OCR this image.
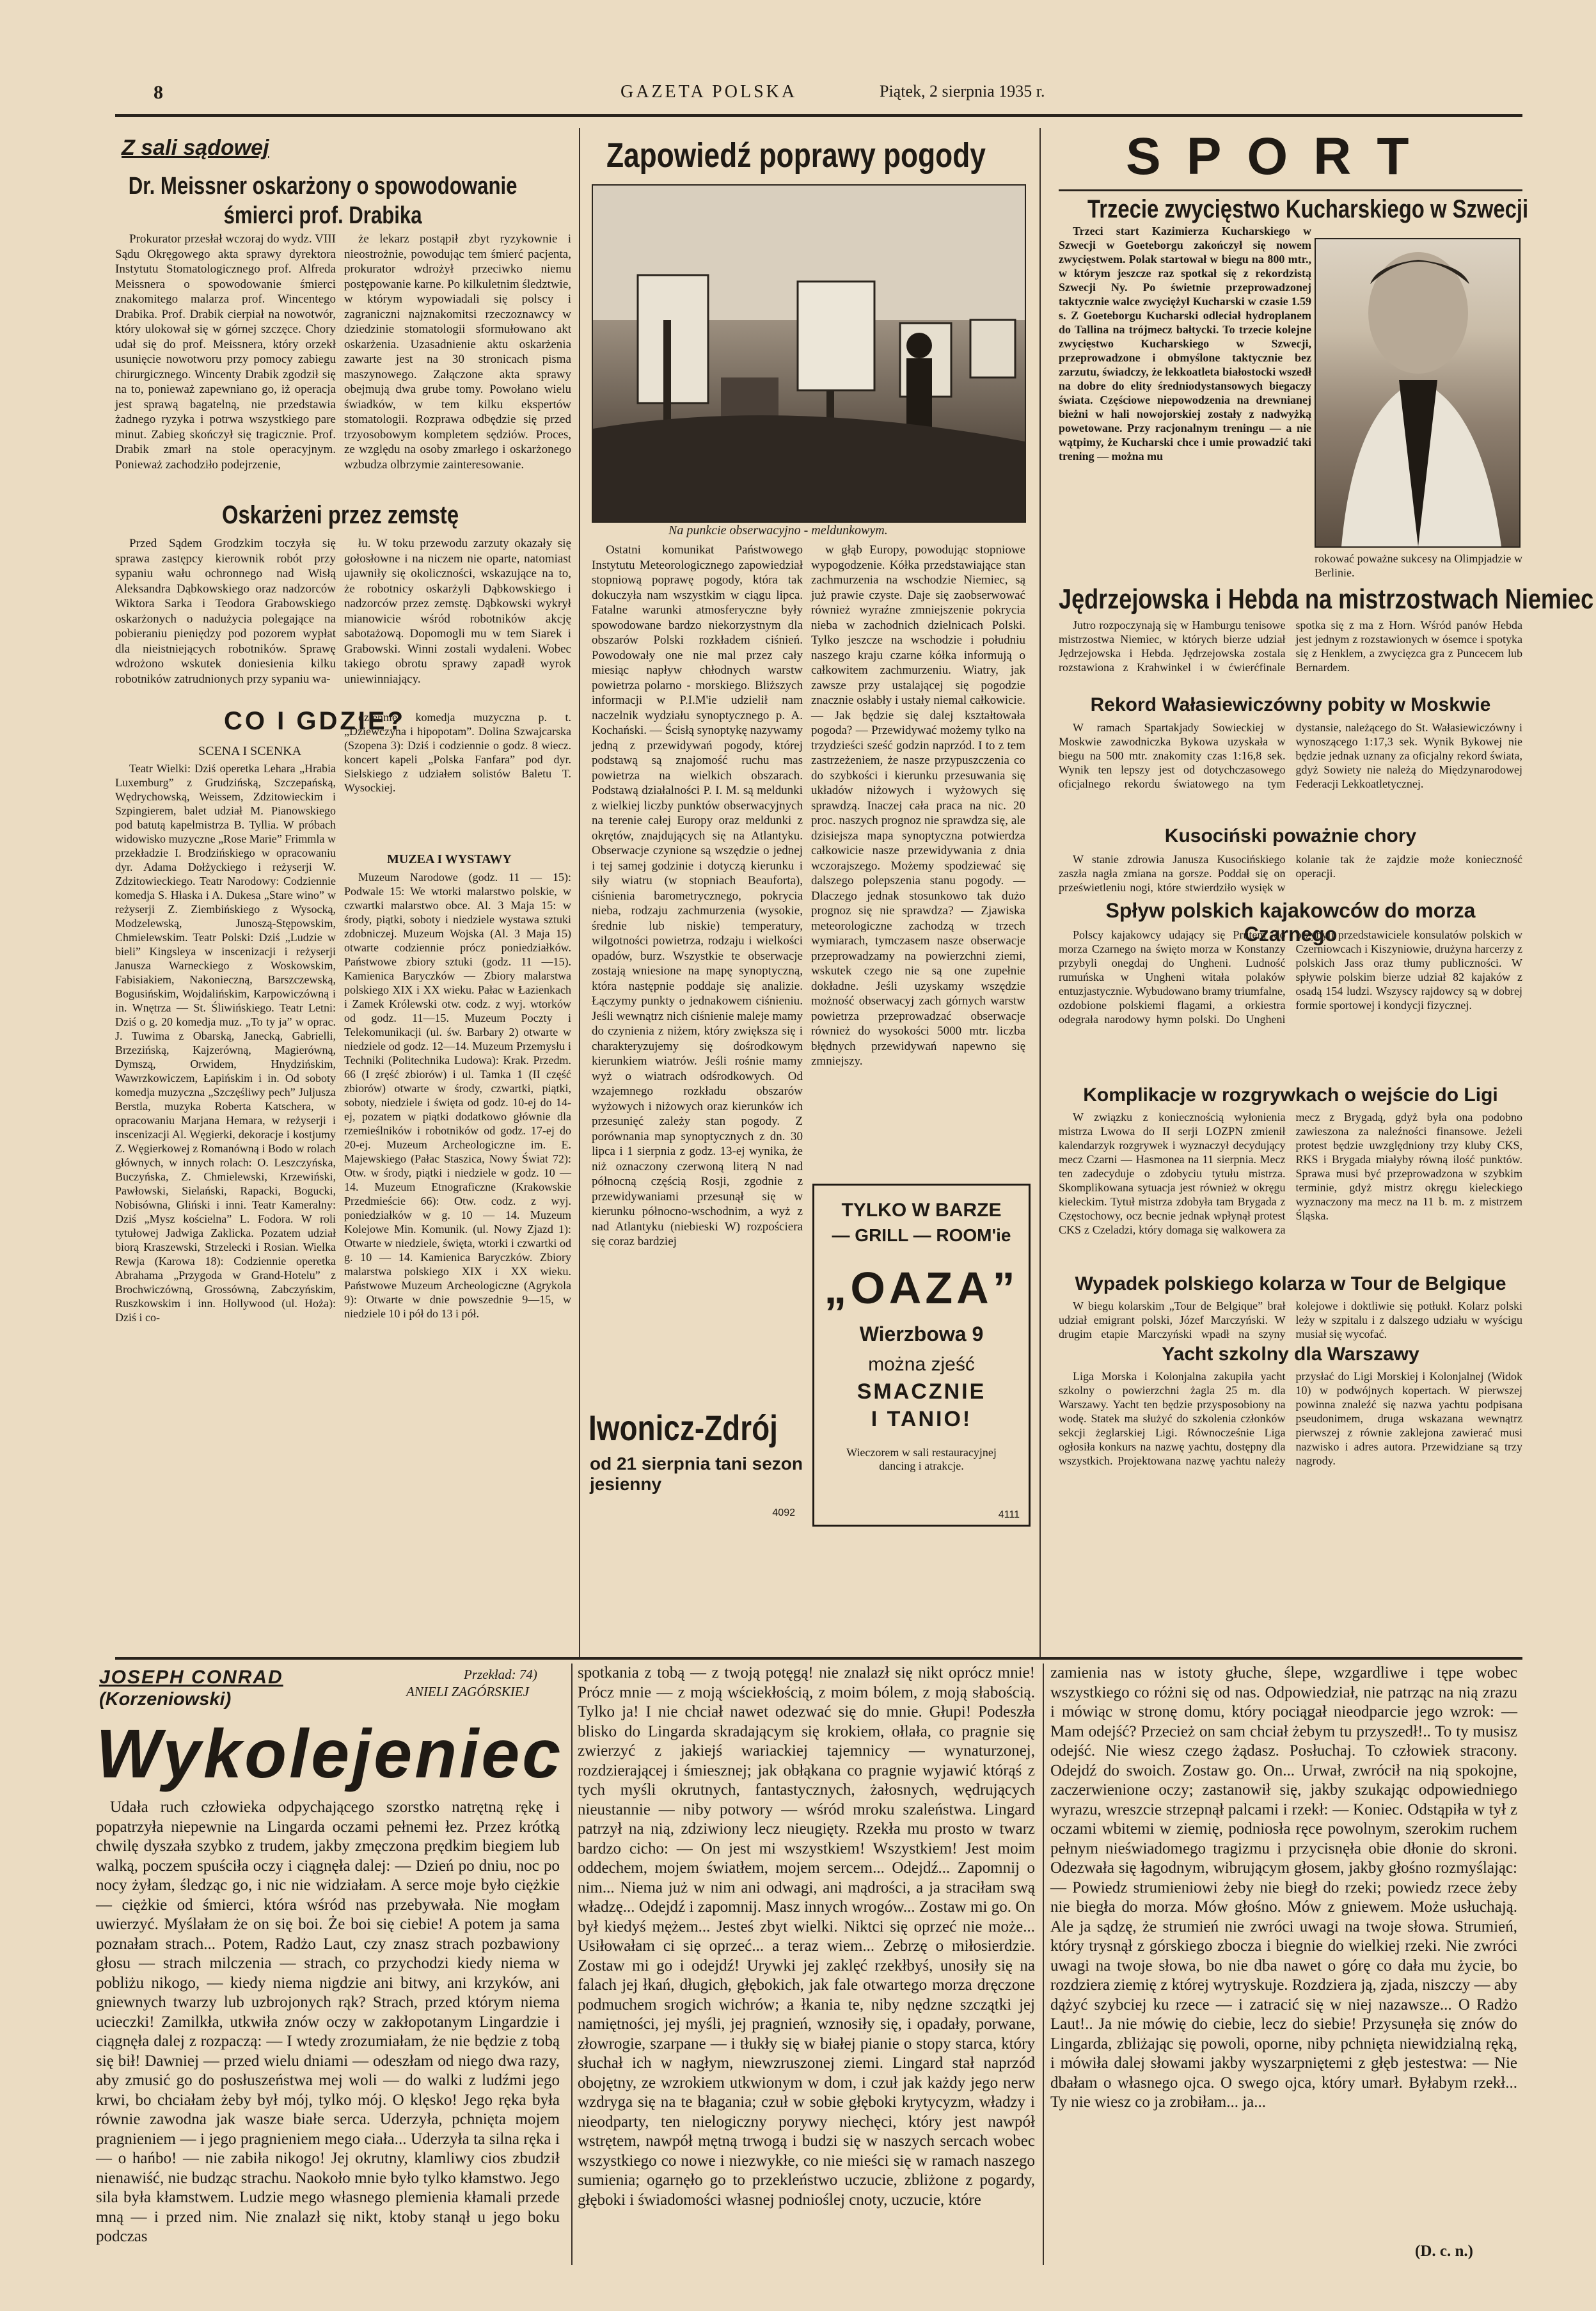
8	GAZETA POLSKA	Piątek, 2 sierpnia 1935 r.
Z sali sądowej
Dr. Meissner oskarżony o spowodowanie śmierci prof. Drabika

Prokurator przesłał wczoraj do wydz. VIII Sądu Okręgowego akta sprawy dyrektora Instytutu Stomatologicznego prof. Alfreda Meissnera o spowodowanie śmierci znakomitego malarza prof. Wincentego Drabika. Prof. Drabik cierpiał na nowotwór, który ulokował się w górnej szczęce. Chory udał się do prof. Meissnera, który orzekł usunięcie nowotworu przy pomocy zabiegu chirurgicznego. Wincenty Drabik zgodził się na to, ponieważ zapewniano go, iż operacja jest sprawą bagatelną, nie przedstawia żadnego ryzyka i potrwa wszystkiego pare minut. Zabieg skończył się tragicznie. Prof. Drabik zmarł na stole operacyjnym. Ponieważ zachodziło podejrzenie,

że lekarz postąpił zbyt ryzykownie i nieostrożnie, powodując tem śmierć pacjenta, prokurator wdrożył przeciwko niemu postępowanie karne. Po kilkuletnim śledztwie, w którym wypowiadali się polscy i zagraniczni najznakomitsi rzeczoznawcy w dziedzinie stomatologii sformułowano akt oskarżenia. Uzasadnienie aktu oskarżenia zawarte jest na 30 stronicach pisma maszynowego. Załączone akta sprawy obejmują dwa grube tomy. Powołano wielu świadków, w tem kilku ekspertów stomatologii. Rozprawa odbędzie się przed trzyosobowym kompletem sędziów. Proces, ze względu na osoby zmarłego i oskarżonego wzbudza olbrzymie zainteresowanie.

Oskarżeni przez zemstę

Przed Sądem Grodzkim toczyła się sprawa zastępcy kierownik robót przy sypaniu wału ochronnego nad Wisłą Aleksandra Dąbkowskiego oraz nadzorców Wiktora Sarka i Teodora Grabowskiego oskarżonych o nadużycia polegające na pobieraniu pieniędzy pod pozorem wypłat dla nieistniejących robotników. Sprawę wdrożono wskutek doniesienia kilku robotników zatrudnionych przy sypaniu wa-

łu. W toku przewodu zarzuty okazały się gołosłowne i na niczem nie oparte, natomiast ujawniły się okoliczności, wskazujące na to, że robotnicy oskarżyli Dąbkowskiego i nadzorców przez zemstę. Dąbkowski wykrył mianowicie wśród robotników akcję sabotażową. Dopomogli mu w tem Siarek i Grabowski. Winni zostali wydaleni. Wobec takiego obrotu sprawy zapadł wyrok uniewinniający.

CO I GDZIE?
SCENA I SCENKA

Teatr Wielki: Dziś operetka Lehara „Hrabia Luxemburg” z Grudzińską, Szczepańską, Wędrychowską, Weissem, Zdzitowieckim i Szpingierem, balet udział M. Pianowskiego pod batutą kapelmistrza B. Tyllia. W próbach widowisko muzyczne „Rose Marie” Frimmla w przekładzie I. Brodzińskiego w opracowaniu dyr. Adama Dołżyckiego i reżyserji W. Zdzitowieckiego. Teatr Narodowy: Codziennie komedja S. Hłaska i A. Dukesa „Stare wino” w reżyserji Z. Ziembińskiego z Wysocką, Modzelewską, Junoszą-Stępowskim, Chmielewskim. Teatr Polski: Dziś „Ludzie w bieli” Kingsleya w inscenizacji i reżyserji Janusza Warneckiego z Woskowskim, Fabisiakiem, Nakonieczną, Barszczewską, Bogusińskim, Wojdalińskim, Karpowiczówną i in. Wnętrza — St. Śliwińskiego. Teatr Letni: Dziś o g. 20 komedja muz. „To ty ja” w oprac. J. Tuwima z Obarską, Janecką, Gabrielli, Brzezińską, Kajzerówną, Magierówną, Dymszą, Orwidem, Hnydzińskim, Wawrzkowiczem, Łapińskim i in. Od soboty komedja muzyczna „Szczęśliwy pech” Juljusza Berstla, muzyka Roberta Katschera, w opracowaniu Marjana Hemara, w reżyserji i inscenizacji Al. Węgierki, dekoracje i kostjumy Z. Węgierkowej z Romanówną i Bodo w rolach głównych, w innych rolach: O. Leszczyńska, Buczyńska, Z. Chmielewski, Krzewiński, Pawłowski, Sielański, Rapacki, Bogucki, Nobisówna, Gliński i inni. Teatr Kameralny: Dziś „Mysz kościelna” L. Fodora. W roli tytułowej Jadwiga Zaklicka. Pozatem udział biorą Kraszewski, Strzelecki i Rosian. Wielka Rewja (Karowa 18): Codziennie operetka Abrahama „Przygoda w Grand-Hotelu” z Brochwiczówną, Grossówną, Zabczyńskim, Ruszkowskim i inn. Hollywood (ul. Hoża): Dziś i co-

dziennie komedja muzyczna p. t. „Dziewczyna i hipopotam”. Dolina Szwajcarska (Szopena 3): Dziś i codziennie o godz. 8 wiecz. koncert kapeli „Polska Fanfara” pod dyr. Sielskiego z udziałem solistów Baletu T. Wysockiej.

MUZEA I WYSTAWY

Muzeum Narodowe (godz. 11 — 15): Podwale 15: We wtorki malarstwo polskie, w czwartki malarstwo obce. Al. 3 Maja 15: w środy, piątki, soboty i niedziele wystawa sztuki zdobniczej. Muzeum Wojska (Al. 3 Maja 15) otwarte codziennie prócz poniedziałków. Państwowe zbiory sztuki (godz. 11 —15). Kamienica Baryczków — Zbiory malarstwa polskiego XIX i XX wieku. Pałac w Łazienkach i Zamek Królewski otw. codz. z wyj. wtorków od godz. 11—15. Muzeum Poczty i Telekomunikacji (ul. św. Barbary 2) otwarte w niedziele od godz. 12—14. Muzeum Przemysłu i Techniki (Politechnika Ludowa): Krak. Przedm. 66 (I zręść zbiorów) i ul. Tamka 1 (II część zbiorów) otwarte w środy, czwartki, piątki, soboty, niedziele i święta od godz. 10-ej do 14-ej, pozatem w piątki dodatkowo głównie dla rzemieślników i robotników od godz. 17-ej do 20-ej. Muzeum Archeologiczne im. E. Majewskiego (Pałac Staszica, Nowy Świat 72): Otw. w środy, piątki i niedziele w godz. 10 — 14. Muzeum Etnograficzne (Krakowskie Przedmieście 66): Otw. codz. z wyj. poniedziałków w g. 10 — 14. Muzeum Kolejowe Min. Komunik. (ul. Nowy Zjazd 1): Otwarte w niedziele, święta, wtorki i czwartki od g. 10 — 14. Kamienica Baryczków. Zbiory malarstwa polskiego XIX i XX wieku. Państwowe Muzeum Archeologiczne (Agrykola 9): Otwarte w dnie powszednie 9—15, w niedziele 10 i pół do 13 i pół.

Zapowiedź poprawy pogody
Na punkcie obserwacyjno - meldunkowym.

Ostatni komunikat Państwowego Instytutu Meteorologicznego zapowiedział stopniową poprawę pogody, która tak dokuczyła nam wszystkim w ciągu lipca. Fatalne warunki atmosferyczne były spowodowane bardzo niekorzystnym dla obszarów Polski rozkładem ciśnień. Powodowały one nie mal przez cały miesiąc napływ chłodnych warstw powietrza polarno - morskiego. Bliższych informacji w P.I.M'ie udzielił nam naczelnik wydziału synoptycznego p. A. Kochański. — Ścisłą synoptykę nazywamy jedną z przewidywań pogody, której podstawą są znajomość ruchu mas powietrza na wielkich obszarach. Podstawą działalności P. I. M. są meldunki z wielkiej liczby punktów obserwacyjnych na terenie całej Europy oraz meldunki z okrętów, znajdujących się na Atlantyku. Obserwacje czynione są wszędzie o jednej i tej samej godzinie i dotyczą kierunku i siły wiatru (w stopniach Beauforta), ciśnienia barometrycznego, pokrycia nieba, rodzaju zachmurzenia (wysokie, średnie lub niskie) temperatury, wilgotności powietrza, rodzaju i wielkości opadów, burz. Wszystkie te obserwacje zostają wniesione na mapę synoptyczną, która następnie poddaje się analizie. Łączymy punkty o jednakowem ciśnieniu. Jeśli wewnątrz nich ciśnienie maleje mamy do czynienia z niżem, który zwiększa się i charakteryzujemy się dośrodkowym kierunkiem wiatrów. Jeśli rośnie mamy wyż o wiatrach odśrodkowych. Od wzajemnego rozkładu obszarów wyżowych i niżowych oraz kierunków ich przesunięć zależy stan pogody. Z porównania map synoptycznych z dn. 30 lipca i 1 sierpnia z godz. 13-ej wynika, że niż oznaczony czerwoną literą N nad północną częścią Rosji, zgodnie z przewidywaniami przesunął się w kierunku północno-wschodnim, a wyż z nad Atlantyku (niebieski W) rozpościera się coraz bardziej

w głąb Europy, powodując stopniowe wypogodzenie. Kółka przedstawiające stan zachmurzenia na wschodzie Niemiec, są już prawie czyste. Daje się zaobserwować również wyraźne zmniejszenie pokrycia nieba w zachodnich dzielnicach Polski. Tylko jeszcze na wschodzie i południu naszego kraju czarne kółka informują o całkowitem zachmurzeniu. Wiatry, jak zawsze przy ustalającej się pogodzie znacznie osłabły i ustały niemal całkowicie. — Jak będzie się dalej kształtowała pogoda? — Przewidywać możemy tylko na trzydzieści sześć godzin naprzód. I to z tem zastrzeżeniem, że nasze przypuszczenia co do szybkości i kierunku przesuwania się układów niżowych i wyżowych się sprawdzą. Inaczej cała praca na nic. 20 proc. naszych prognoz nie sprawdza się, ale dzisiejsza mapa synoptyczna potwierdza całkowicie nasze przewidywania z dnia wczorajszego. Możemy spodziewać się dalszego polepszenia stanu pogody. — Dlaczego jednak stosunkowo tak dużo prognoz się nie sprawdza? — Zjawiska meteorologiczne zachodzą w trzech wymiarach, tymczasem nasze obserwacje przeprowadzamy na powierzchni ziemi, wskutek czego nie są one zupełnie dokładne. Jeśli uzyskamy wszędzie możność obserwacyj zach górnych warstw powietrza przeprowadzać obserwacje również do wysokości 5000 mtr. liczba błędnych przewidywań napewno się zmniejszy.

TYLKO W BARZE
— GRILL — ROOM'ie
„OAZA”
Wierzbowa 9
można zjeść
SMACZNIE
I TANIO!
Wieczorem w sali restauracyjnej
dancing i atrakcje.
4111
Iwonicz-Zdrój
od 21 sierpnia tani sezon jesienny
4092
SPORT
Trzecie zwycięstwo Kucharskiego w Szwecji

Trzeci start Kazimierza Kucharskiego w Szwecji w Goeteborgu zakończył się nowem zwycięstwem. Polak startował w biegu na 800 mtr., w którym jeszcze raz spotkał się z rekordzistą Szwecji Ny. Po świetnie przeprowadzonej taktycznie walce zwyciężył Kucharski w czasie 1.59 s. Z Goeteborgu Kucharski odleciał hydroplanem do Tallina na trójmecz bałtycki. To trzecie kolejne zwycięstwo Kucharskiego w Szwecji, przeprowadzone i obmyślone taktycznie bez zarzutu, świadczy, że lekkoatleta białostocki wszedł na dobre do elity średniodystansowych biegaczy świata. Częściowe niepowodzenia na drewnianej bieżni w hali nowojorskiej zostały z nadwyżką powetowane. Przy racjonalnym treningu — a nie wątpimy, że Kucharski chce i umie prowadzić taki trening — można mu

rokować poważne sukcesy na Olimpjadzie w Berlinie.

Jędrzejowska i Hebda na mistrzostwach Niemiec

Jutro rozpoczynają się w Hamburgu tenisowe mistrzostwa Niemiec, w których bierze udział Jędrzejowska i Hebda. Jędrzejowska zostala rozstawiona z Krahwinkel i w ćwierćfinale spotka się z ma z Horn. Wśród panów Hebda jest jednym z rozstawionych w ósemce i spotyka się z Henklem, a zwycięzca gra z Puncecem lub Bernardem.

Rekord Wałasiewiczówny pobity w Moskwie

W ramach Spartakjady Sowieckiej w Moskwie zawodniczka Bykowa uzyskała w biegu na 500 mtr. znakomity czas 1:16,8 sek. Wynik ten lepszy jest od dotychczasowego oficjalnego rekordu światowego na tym dystansie, należącego do St. Wałasiewiczówny i wynoszącego 1:17,3 sek. Wynik Bykowej nie będzie jednak uznany za oficjalny rekord świata, gdyż Sowiety nie należą do Międzynarodowej Federacji Lekkoatletycznej.

Kusociński poważnie chory

W stanie zdrowia Janusza Kusocińskiego zaszła nagła zmiana na gorsze. Poddał się on prześwietleniu nogi, które stwierdziło wysięk w kolanie tak że zajdzie może konieczność operacji.

Spływ polskich kajakowców do morza Czarnego

Polscy kajakowcy udający się Prutem do morza Czarnego na święto morza w Konstanzy przybyli onegdaj do Ungheni. Ludność rumuńska w Ungheni witała polaków entuzjastycznie. Wybudowano bramy triumfalne, ozdobione polskiemi flagami, a orkiestra odegrała narodowy hymn polski. Do Ungheni przybyli przedstawiciele konsulatów polskich w Czerniowcach i Kiszyniowie, drużyna harcerzy z polskich Jass oraz tłumy publiczności. W spływie polskim bierze udział 82 kajaków z osadą 154 ludzi. Wszyscy rajdowcy są w dobrej formie sportowej i kondycji fizycznej.

Komplikacje w rozgrywkach o wejście do Ligi

W związku z koniecznością wyłonienia mistrza Lwowa do II serji LOZPN zmienił kalendarzyk rozgrywek i wyznaczył decydujący mecz Czarni — Hasmonea na 11 sierpnia. Mecz ten zadecyduje o zdobyciu tytułu mistrza. Skomplikowana sytuacja jest również w okręgu kieleckim. Tytuł mistrza zdobyła tam Brygada z Częstochowy, ocz becnie jednak wpłynął protest CKS z Czeladzi, który domaga się walkowera za mecz z Brygadą, gdyż była ona podobno zawieszona za naleźności finansowe. Jeżeli protest będzie uwzględniony trzy kluby CKS, RKS i Brygada miałyby równą ilość punktów. Sprawa musi być przeprowadzona w szybkim terminie, gdyż mistrz okręgu kieleckiego wyznaczony ma mecz na 11 b. m. z mistrzem Śląska.

Wypadek polskiego kolarza w Tour de Belgique

W biegu kolarskim „Tour de Belgique” brał udział emigrant polski, Józef Marczyński. W drugim etapie Marczyński wpadł na szyny kolejowe i doktliwie się potłukł. Kolarz polski leży w szpitalu i z dalszego udziału w wyścigu musiał się wycofać.

Yacht szkolny dla Warszawy

Liga Morska i Kolonjalna zakupiła yacht szkolny o powierzchni żagla 25 m. dla Warszawy. Yacht ten będzie przysposobiony na wodę. Statek ma służyć do szkolenia członków sekcji żeglarskiej Ligi. Równocześnie Liga ogłosiła konkurs na nazwę yachtu, dostępny dla wszystkich. Projektowana nazwę yachtu należy przysłać do Ligi Morskiej i Kolonjalnej (Widok 10) w podwójnych kopertach. W pierwszej powinna znaleźć się nazwa yachtu podpisana pseudonimem, druga wskazana wewnątrz pierwszej z równie zaklejona zawierać musi nazwisko i adres autora. Przewidziane są trzy nagrody.

JOSEPH CONRAD
(Korzeniowski)
Przekład: 74)
ANIELI ZAGÓRSKIEJ
Wykolejeniec

Udała ruch człowieka odpychającego szorstko natrętną rękę i popatrzyła niepewnie na Lingarda oczami pełnemi łez. Przez krótką chwilę dyszała szybko z trudem, jakby zmęczona prędkim biegiem lub walką, poczem spuściła oczy i ciągnęła dalej: — Dzień po dniu, noc po nocy żyłam, śledząc go, i nic nie widziałam. A serce moje było ciężkie — ciężkie od śmierci, która wśród nas przebywała. Nie mogłam uwierzyć. Myślałam że on się boi. Że boi się ciebie! A potem ja sama poznałam strach... Potem, Radżo Laut, czy znasz strach pozbawiony głosu — strach milczenia — strach, co przychodzi kiedy niema w pobliżu nikogo, — kiedy niema nigdzie ani bitwy, ani krzyków, ani gniewnych twarzy lub uzbrojonych rąk? Strach, przed którym niema ucieczki! Zamilkła, utkwiła znów oczy w zakłopotanym Lingardzie i ciągnęła dalej z rozpaczą: — I wtedy zrozumiałam, że nie będzie z tobą się bił! Dawniej — przed wielu dniami — odeszłam od niego dwa razy, aby zmusić go do posłuszeństwa mej woli — do walki z ludźmi jego krwi, bo chciałam żeby był mój, tylko mój. O klęsko! Jego ręka była równie zawodna jak wasze białe serca. Uderzyła, pchnięta mojem pragnieniem — i jego pragnieniem mego ciała... Uderzyła ta silna ręka i — o hańbo! — nie zabiła nikogo! Jej okrutny, klamliwy cios zbudził nienawiść, nie budząc strachu. Naokoło mnie było tylko kłamstwo. Jego sila była kłamstwem. Ludzie mego własnego plemienia kłamali przede mną — i przed nim. Nie znalazł się nikt, ktoby stanął u jego boku podczas

spotkania z tobą — z twoją potęgą! nie znalazł się nikt oprócz mnie! Prócz mnie — z moją wściekłością, z moim bólem, z moją słabością. Tylko ja! I nie chciał nawet odezwać się do mnie. Głupi! Podeszła blisko do Lingarda skradającym się krokiem, ołlała, co pragnie się zwierzyć z jakiejś wariackiej tajemnicy — wynaturzonej, rozdzierającej i śmiesznej; jak obłąkana co pragnie wyjawić którąś z tych myśli okrutnych, fantastycznych, żałosnych, wędrujących nieustannie — niby potwory — wśród mroku szaleństwa. Lingard patrzył na nią, zdziwiony lecz nieugięty. Rzekła mu prosto w twarz bardzo cicho: — On jest mi wszystkiem! Wszystkiem! Jest moim oddechem, mojem światłem, mojem sercem... Odejdź... Zapomnij o nim... Niema już w nim ani odwagi, ani mądrości, a ja straciłam swą władzę... Odejdź i zapomnij. Masz innych wrogów... Zostaw mi go. On był kiedyś mężem... Jesteś zbyt wielki. Niktci się oprzeć nie może... Usiłowałam ci się oprzeć... a teraz wiem... Zebrzę o miłosierdzie. Zostaw mi go i odejdź! Urywki jej zaklęć rzekłbyś, unosiły się na falach jej łkań, długich, głębokich, jak fale otwartego morza dręczone podmuchem srogich wichrów; a łkania te, niby nędzne szczątki jej namiętności, jej myśli, jej pragnień, wznosiły się, i opadały, porwane, złowrogie, szarpane — i tłukły się w białej pianie o stopy starca, który słuchał ich w nagłym, niewzruszonej ziemi. Lingard stał naprzód obojętny, ze wzrokiem utkwionym w dom, i czuł jak każdy jego nerw wzdryga się na te błagania; czuł w sobie głęboki krytycyzm, władzy i nieodparty, ten nielogiczny porywy niechęci, który jest nawpół wstrętem, nawpół mętną trwogą i budzi się w naszych sercach wobec wszystkiego co nowe i niezwykłe, co nie mieści się w ramach naszego sumienia; ogarnęło go to przekleństwo uczucie, zbliżone z pogardy, głęboki i świadomości własnej podnioślej cnoty, uczucie, które

zamienia nas w istoty głuche, ślepe, wzgardliwe i tępe wobec wszystkiego co różni się od nas. Odpowiedział, nie patrząc na nią zrazu i mówiąc w stronę domu, który pociągał nieodparcie jego wzrok: — Mam odejść? Przecież on sam chciał żebym tu przyszedł!.. To ty musisz odejść. Nie wiesz czego żądasz. Posłuchaj. To człowiek stracony. Odejdź do swoich. Zostaw go. On... Urwał, zwrócił na nią spokojne, zaczerwienione oczy; zastanowił się, jakby szukając odpowiedniego wyrazu, wreszcie strzepnął palcami i rzekł: — Koniec. Odstąpiła w tył z oczami wbitemi w ziemię, podniosła ręce powolnym, szerokim ruchem pełnym nieświadomego tragizmu i przycisnęła obie dłonie do skroni. Odezwała się łagodnym, wibrującym głosem, jakby głośno rozmyślając: — Powiedz strumieniowi żeby nie biegł do rzeki; powiedz rzece żeby nie biegła do morza. Mów głośno. Mów z gniewem. Może usłuchają. Ale ja sądzę, że strumień nie zwróci uwagi na twoje słowa. Strumień, który trysnął z górskiego zbocza i biegnie do wielkiej rzeki. Nie zwróci uwagi na twoje słowa, bo nie dba nawet o górę co dała mu życie, bo rozdziera ziemię z której wytryskuje. Rozdziera ją, zjada, niszczy — aby dążyć szybciej ku rzece — i zatracić się w niej nazawsze... O Radżo Laut!.. Ja nie mówię do ciebie, lecz do siebie! Przysunęła się znów do Lingarda, zbliżając się powoli, oporne, niby pchnięta niewidzialną ręką, i mówiła dalej słowami jakby wyszarpniętemi z głęb jestestwa: — Nie dbałam o własnego ojca. O swego ojca, który umarł. Byłabym rzekł... Ty nie wiesz co ja zrobiłam... ja...

(D. c. n.)
